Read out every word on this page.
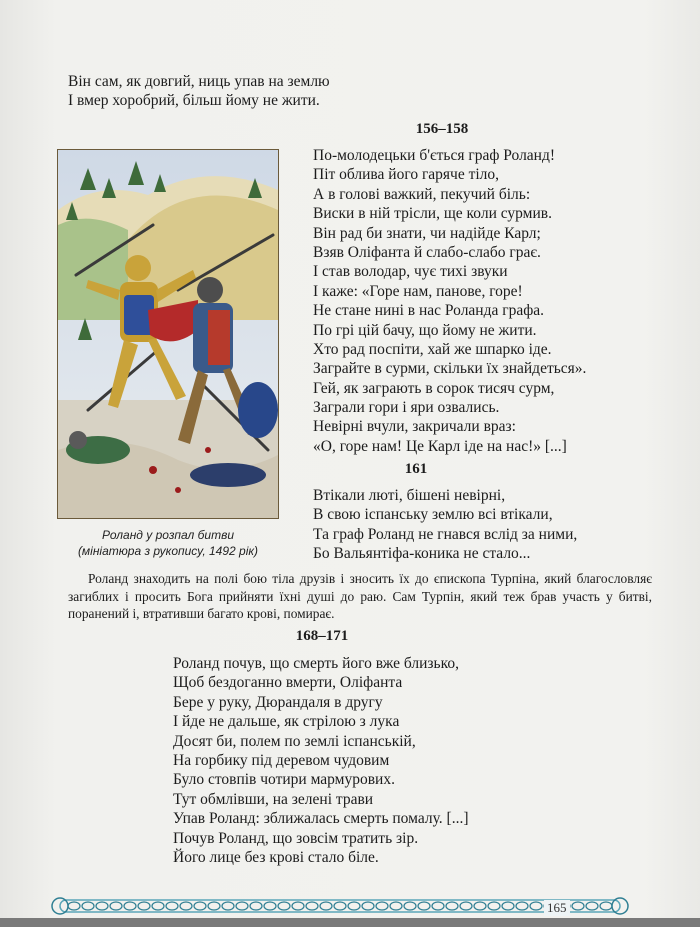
Він сам, як довгий, ниць упав на землю
І вмер хоробрий, більш йому не жити.
156–158
По-молодецьки б'ється граф Роланд!
Піт облива його гаряче тіло,
А в голові важкий, пекучий біль:
Виски в ній трісли, ще коли сурмив.
Він рад би знати, чи надійде Карл;
Взяв Оліфанта й слабо-слабо грає.
І став володар, чує тихі звуки
І каже: «Горе нам, панове, горе!
Не стане нині в нас Роланда графа.
По грі цій бачу, що йому не жити.
Хто рад поспіти, хай же шпарко іде.
Заграйте в сурми, скільки їх знайдеться».
Гей, як заграють в сорок тисяч сурм,
Заграли гори і яри озвались.
Невірні вчули, закричали враз:
«О, горе нам! Це Карл іде на нас!» [...]
161
Втікали люті, бішені невірні,
В свою іспанську землю всі втікали,
Та граф Роланд не гнався вслід за ними,
Бо Вальянтіфа-коника не стало...
Роланд у розпал битви
(мініатюра з рукопису, 1492 рік)
Роланд знаходить на полі бою тіла друзів і зносить їх до єпископа Турпіна, який благословляє загиблих і просить Бога прийняти їхні душі до раю. Сам Турпін, який теж брав участь у битві, поранений і, втративши багато крові, помирає.
168–171
Роланд почув, що смерть його вже близько,
Щоб бездоганно вмерти, Оліфанта
Бере у руку, Дюрандаля в другу
І йде не дальше, як стрілою з лука
Досят би, полем по землі іспанській,
На горбику під деревом чудовим
Було стовпів чотири мармурових.
Тут обмлівши, на зелені трави
Упав Роланд: зближалась смерть помалу. [...]
Почув Роланд, що зовсім тратить зір.
Його лице без крові стало біле.
165
